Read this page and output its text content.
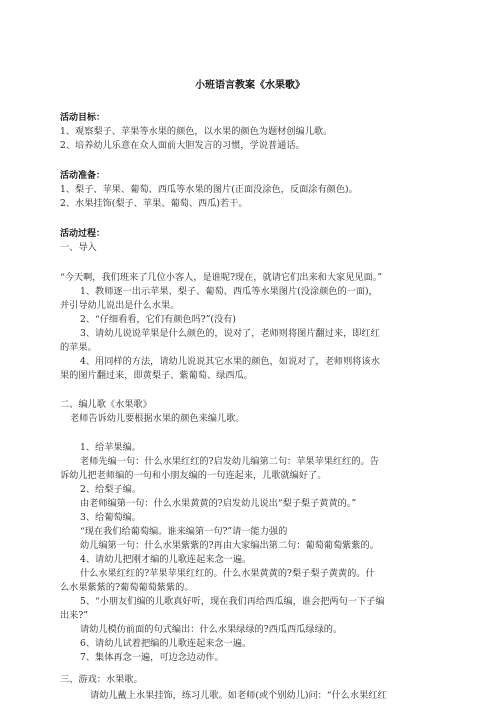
小班语言教案《水果歌》
活动目标：
1、观察梨子、苹果等水果的颜色，以水果的颜色为题材创编儿歌。
2、培养幼儿乐意在众人面前大胆发言的习惯，学说普通话。
活动准备：
1、梨子、苹果、葡萄、西瓜等水果的图片(正面没涂色，反面涂有颜色)。
2、水果挂饰(梨子、苹果、葡萄、西瓜)若干。
活动过程：
一、导入
“今天啊，我们班来了几位小客人，是谁呢?现在，就请它们出来和大家见见面。”
1、教师逐一出示苹果、梨子、葡萄、西瓜等水果图片(没涂颜色的一面)，
并引导幼儿说出是什么水果。
2、“仔细看看，它们有颜色吗?”(没有)
3、请幼儿说说苹果是什么颜色的，说对了，老师则将图片翻过来，即红红
的苹果。
4、用同样的方法，请幼儿说说其它水果的颜色，如说对了，老师则将该水
果的图片翻过来，即黄梨子、紫葡萄、绿西瓜。
二、编儿歌《水果歌》
老师告诉幼儿要根据水果的颜色来编儿歌。
1、给苹果编。
老师先编一句：什么水果红红的?启发幼儿编第二句：苹果苹果红红的。告
诉幼儿把老师编的一句和小朋友编的一句连起来，儿歌就编好了。
2、给梨子编。
由老师编第一句：什么水果黄黄的?启发幼儿说出“梨子梨子黄黄的。”
3、给葡萄编。
“现在我们给葡萄编。谁来编第一句?”请一能力强的
幼儿编第一句：什么水果紫紫的?再由大家编出第二句：葡萄葡萄紫紫的。
4、请幼儿把刚才编的儿歌连起来念一遍。
什么水果红红的?苹果苹果红红的。什么水果黄黄的?梨子梨子黄黄的。什
么水果紫紫的?葡萄葡萄紫紫的。
5、“小朋友们编的儿歌真好听，现在我们再给西瓜编，谁会把两句一下子编
出来?”
请幼儿模仿前面的句式编出：什么水果绿绿的?西瓜西瓜绿绿的。
6、请幼儿试着把编的儿歌连起来念一遍。
7、集体再念一遍，可边念边动作。
三、游戏：水果歌。
请幼儿戴上水果挂饰，练习儿歌。如老师(或个别幼儿)问：“什么水果红红
